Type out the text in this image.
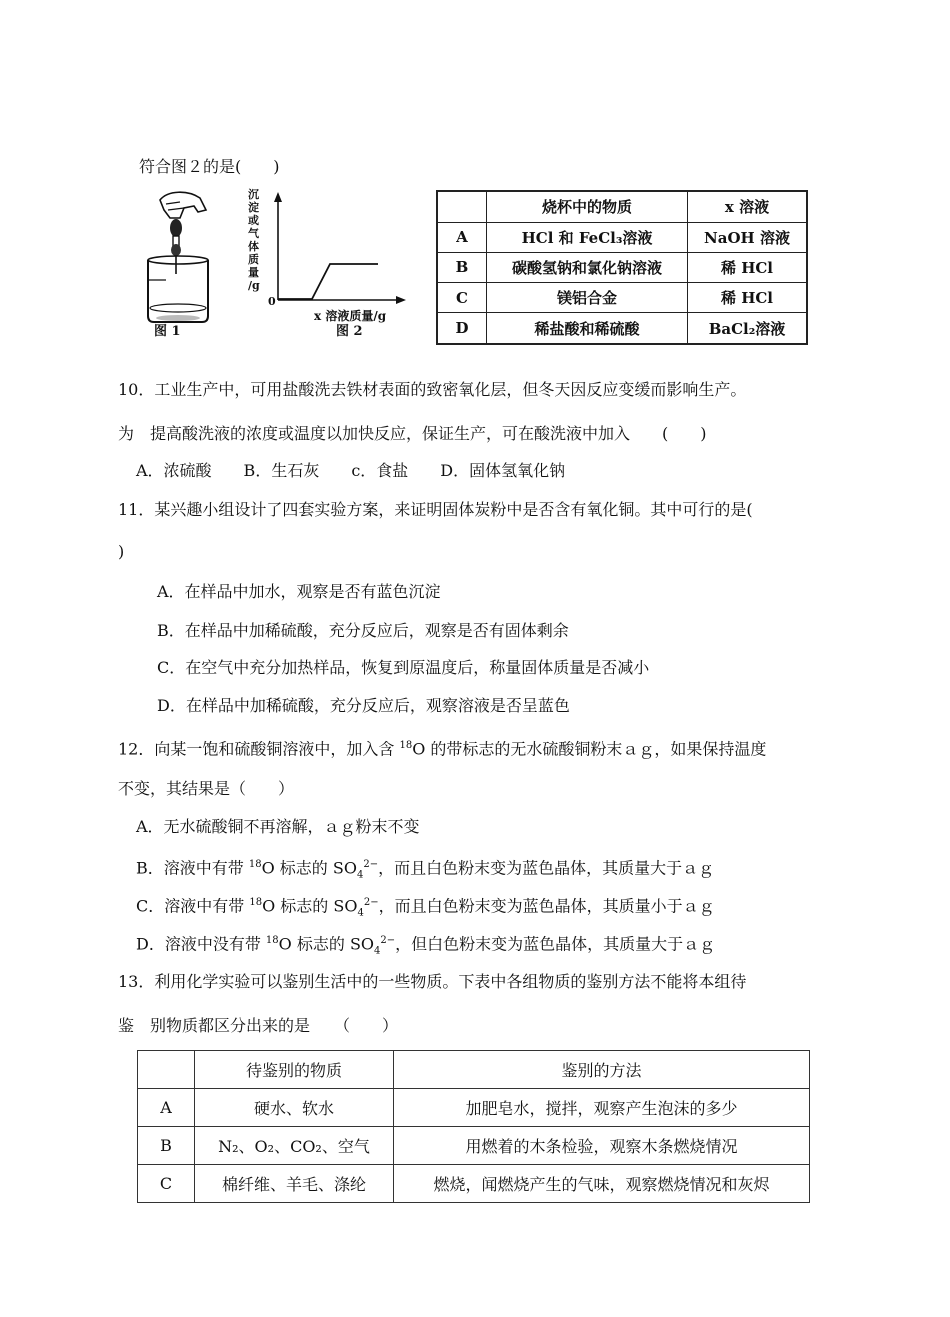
符合图２的是(　　)
图 1
沉
淀
或
气
体
质
量
/g
0
x 溶液质量/g
图 2
	烧杯中的物质	x 溶液
A	HCl 和 FeCl₃溶液	NaOH 溶液
B	碳酸氢钠和氯化钠溶液	稀 HCl
C	镁铝合金	稀 HCl
D	稀盐酸和稀硫酸	BaCl₂溶液
10．工业生产中，可用盐酸洗去铁材表面的致密氧化层，但冬天因反应变缓而影响生产。
为　提高酸洗液的浓度或温度以加快反应，保证生产，可在酸洗液中加入　　(　　)
A．浓硫酸　　B．生石灰　　c．食盐　　D．固体氢氧化钠
11．某兴趣小组设计了四套实验方案，来证明固体炭粉中是否含有氧化铜。其中可行的是(
)
A．在样品中加水，观察是否有蓝色沉淀
B．在样品中加稀硫酸，充分反应后，观察是否有固体剩余
C．在空气中充分加热样品，恢复到原温度后，称量固体质量是否减小
D．在样品中加稀硫酸，充分反应后，观察溶液是否呈蓝色
12．向某一饱和硫酸铜溶液中，加入含 $^{18}$O 的带标志的无水硫酸铜粉末ａｇ，如果保持温度
不变，其结果是（　　）
A．无水硫酸铜不再溶解，ａｇ粉末不变
B．溶液中有带 $^{18}$O 标志的 $SO_4^{2-}$，而且白色粉末变为蓝色晶体，其质量大于ａｇ
C．溶液中有带 $^{18}$O 标志的 $SO_4^{2-}$，而且白色粉末变为蓝色晶体，其质量小于ａｇ
D．溶液中没有带 $^{18}$O 标志的 $SO_4^{2-}$，但白色粉末变为蓝色晶体，其质量大于ａｇ
13．利用化学实验可以鉴别生活中的一些物质。下表中各组物质的鉴别方法不能将本组待
鉴　别物质都区分出来的是　　（　　）
	待鉴别的物质	鉴别的方法
A	硬水、软水	加肥皂水，搅拌，观察产生泡沫的多少
B	N₂、O₂、CO₂、空气	用燃着的木条检验，观察木条燃烧情况
C	棉纤维、羊毛、涤纶	燃烧，闻燃烧产生的气味，观察燃烧情况和灰烬
